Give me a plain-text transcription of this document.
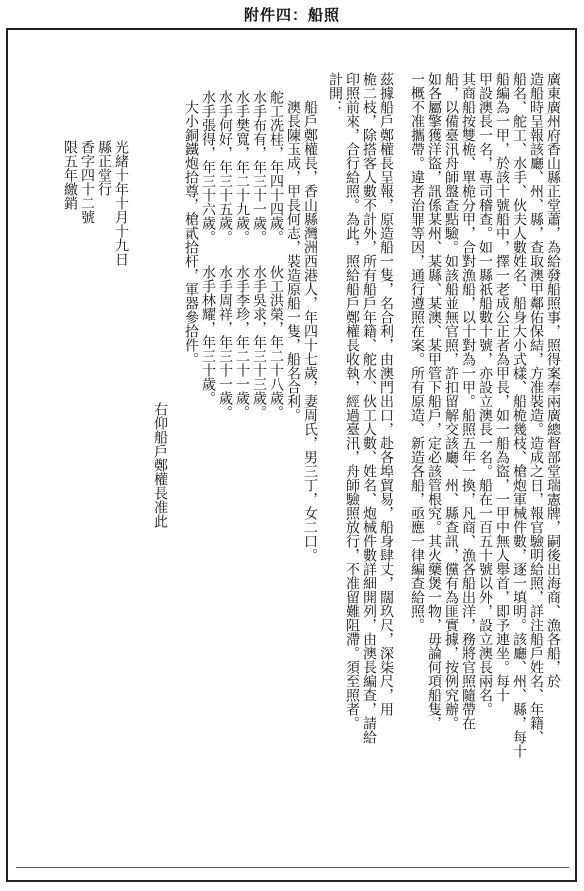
附件四：船照
廣東廣州府香山縣正堂蕭，為給發船照事，照得案奉兩廣總督部堂瑞憲牌，嗣後出海商、漁各船，於
造船時呈報該廳、州、縣，查取澳甲鄰佑保結，方准裝造。造成之日，報官驗明給照，詳注船戶姓名、年籍、
船名、舵工、水手、伙夫人數姓名、船身大小式樣、船桅幾枝、槍炮軍械件數，逐一填明。該廳、州、縣，每十
船編為一甲，於該十號船中，擇一老成公正者為甲長，如一船為盜，一甲中無人舉首，即予連坐。每十
甲設澳長一名，專司稽查。如一縣祇船數十號，亦設立澳長一名。船在一百五十號以外，設立澳長兩名。
其商船按雙桅、單桅分甲，合對漁船，以十對為一甲。船照五年一換，凡商、漁各船出洋，務將官照隨帶在
船，以備臺汛舟師盤查點驗。如該船並無官照，許扣留解交該廳、州、縣查訊，儻有為匪實據，按例究辦。
如各屬擎獲洋盜，訊係某州、某縣、某澳、某甲管下船戶，定必該管根究。其火藥煲一物，毋論何項船隻，
一概不准攜帶。違者治罪等因，通行遵照在案。所有原造、新造各船，亟應一律編查給照。
茲據船戶鄭權長呈報，原造船一隻，名合利，由澳門出口，赴各埠貿易，船身肆丈，闊玖尺，深柒尺，用
桅二枝，除搭客人數不計外，所有船戶年籍、舵水、伙工人數、姓名、炮械件數詳細開列，由澳長編查，請給
印照前來，合行給照。為此，照給船戶鄭權長收執，經過臺汛，舟師驗照放行，不准留難阻滯。須至照者。
計開：
船戶鄭權長，香山縣灣洲西港人，年四十七歲，妻周氏，男三丁，女二口。
澳長陳玉成，甲長何志，裝造原船一隻，船名合利。
舵工冼桂，年四十四歲。　　伙工洪榮，年二十八歲。
水手布有，年三十一歲。　　水手吳求，年三十三歲。
水手樊寬，年二十九歲。　　水手李珍，年二十一歲。
水手何好，年三十五歲。　　水手周祥，年三十一歲。
水手張得，年三十六歲。　　水手林耀，年三十歲。
大小銅鐵炮拾尊，槍貳拾杆，軍器參拾件。
右仰船戶鄭權長准此
光緒十年十月十九日
縣正堂行
香字四十二號
限五年繳銷
